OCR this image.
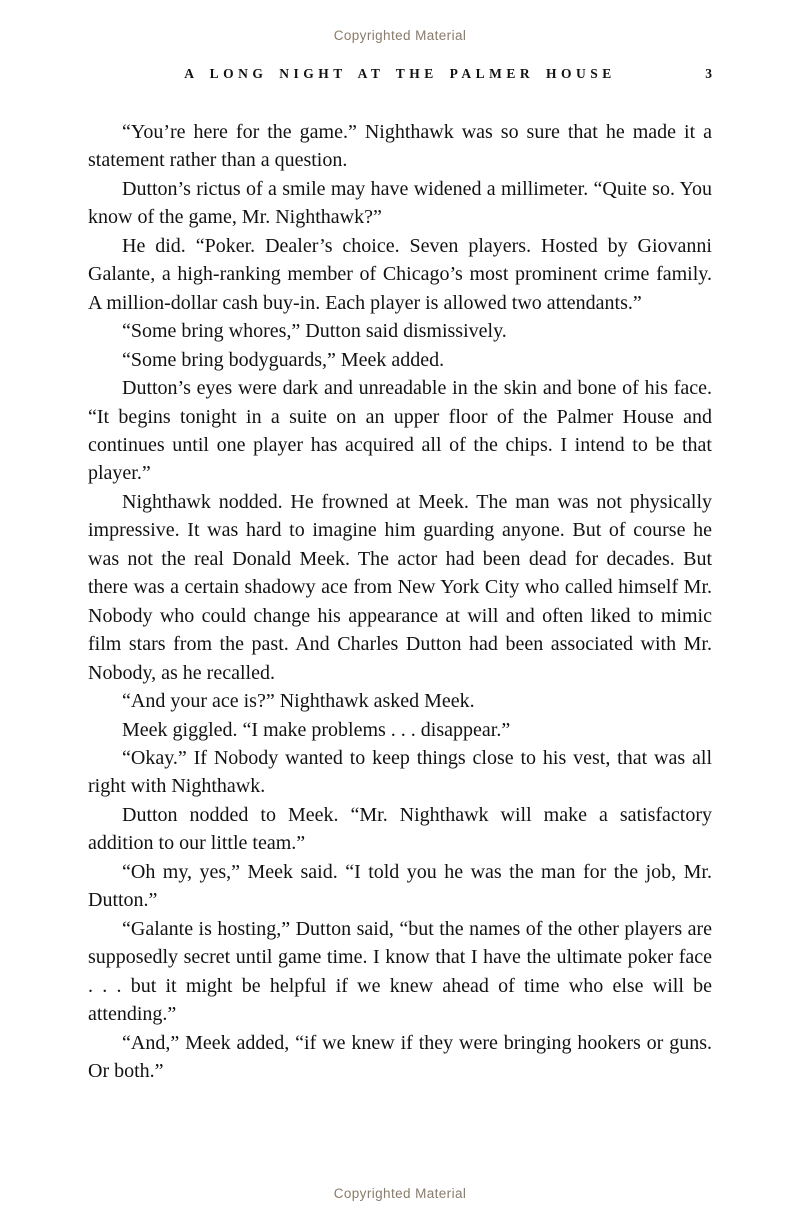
Copyrighted Material
A LONG NIGHT AT THE PALMER HOUSE	3

“You’re here for the game.” Nighthawk was so sure that he made it a statement rather than a question.

Dutton’s rictus of a smile may have widened a millimeter. “Quite so. You know of the game, Mr. Nighthawk?”

He did. “Poker. Dealer’s choice. Seven players. Hosted by Giovanni Galante, a high-ranking member of Chicago’s most prominent crime family. A million-dollar cash buy-in. Each player is allowed two attendants.”

“Some bring whores,” Dutton said dismissively.

“Some bring bodyguards,” Meek added.

Dutton’s eyes were dark and unreadable in the skin and bone of his face. “It begins tonight in a suite on an upper floor of the Palmer House and continues until one player has acquired all of the chips. I intend to be that player.”

Nighthawk nodded. He frowned at Meek. The man was not physically impressive. It was hard to imagine him guarding anyone. But of course he was not the real Donald Meek. The actor had been dead for decades. But there was a certain shadowy ace from New York City who called himself Mr. Nobody who could change his appearance at will and often liked to mimic film stars from the past. And Charles Dutton had been associated with Mr. Nobody, as he recalled.

“And your ace is?” Nighthawk asked Meek.

Meek giggled. “I make problems . . . disappear.”

“Okay.” If Nobody wanted to keep things close to his vest, that was all right with Nighthawk.

Dutton nodded to Meek. “Mr. Nighthawk will make a satisfactory addition to our little team.”

“Oh my, yes,” Meek said. “I told you he was the man for the job, Mr. Dutton.”

“Galante is hosting,” Dutton said, “but the names of the other players are supposedly secret until game time. I know that I have the ultimate poker face . . . but it might be helpful if we knew ahead of time who else will be attending.”

“And,” Meek added, “if we knew if they were bringing hookers or guns. Or both.”

Copyrighted Material
